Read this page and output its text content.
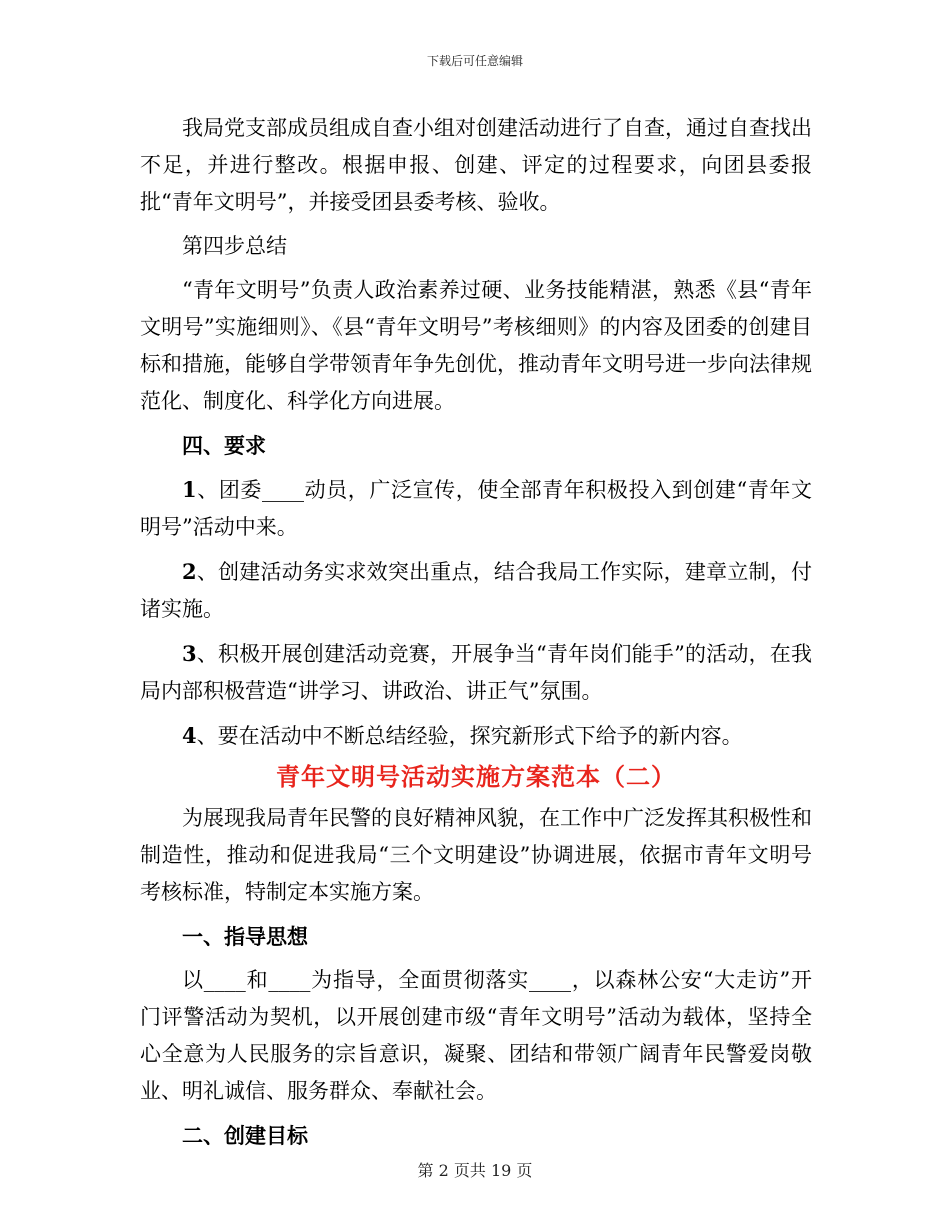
下载后可任意编辑

我局党支部成员组成自查小组对创建活动进行了自查，通过自查找出不足，并进行整改。根据申报、创建、评定的过程要求，向团县委报批“青年文明号”，并接受团县委考核、验收。

第四步总结

“青年文明号”负责人政治素养过硬、业务技能精湛，熟悉《县“青年文明号”实施细则》、《县“青年文明号”考核细则》的内容及团委的创建目标和措施，能够自学带领青年争先创优，推动青年文明号进一步向法律规范化、制度化、科学化方向进展。

四、要求

1、团委____动员，广泛宣传，使全部青年积极投入到创建“青年文明号”活动中来。

2、创建活动务实求效突出重点，结合我局工作实际，建章立制，付诸实施。

3、积极开展创建活动竞赛，开展争当“青年岗们能手”的活动，在我局内部积极营造“讲学习、讲政治、讲正气”氛围。

4、要在活动中不断总结经验，探究新形式下给予的新内容。

青年文明号活动实施方案范本（二）

为展现我局青年民警的良好精神风貌，在工作中广泛发挥其积极性和制造性，推动和促进我局“三个文明建设”协调进展，依据市青年文明号考核标准，特制定本实施方案。

一、指导思想

以____和____为指导，全面贯彻落实____，以森林公安“大走访”开门评警活动为契机，以开展创建市级“青年文明号”活动为载体，坚持全心全意为人民服务的宗旨意识，凝聚、团结和带领广阔青年民警爱岗敬业、明礼诚信、服务群众、奉献社会。

二、创建目标

第 2 页共 19 页
